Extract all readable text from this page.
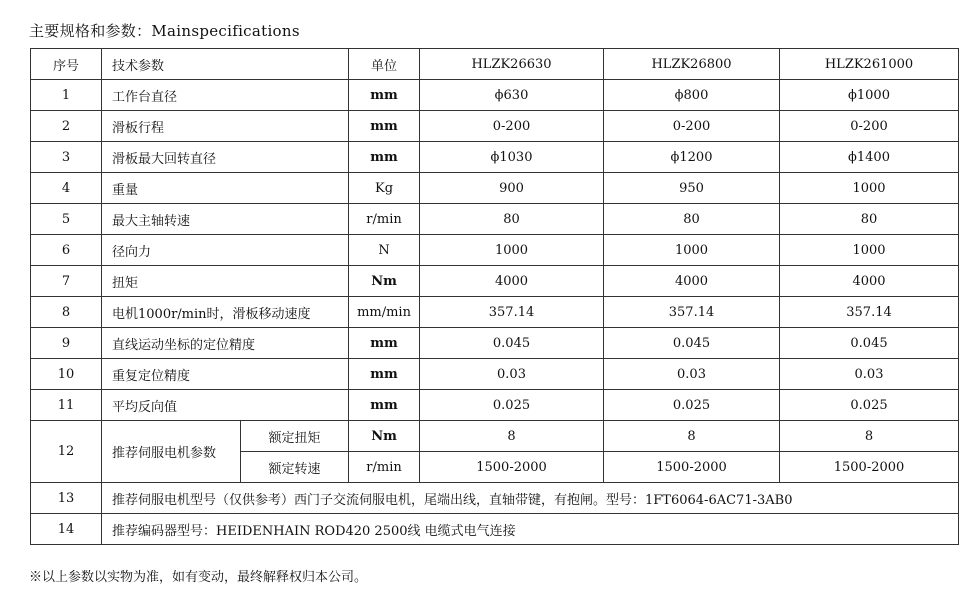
主要规格和参数：Mainspecifications
序号	技术参数		单位	HLZK26630	HLZK26800	HLZK261000
1	工作台直径		mm	ϕ630	ϕ800	ϕ1000
2	滑板行程		mm	0-200	0-200	0-200
3	滑板最大回转直径		mm	ϕ1030	ϕ1200	ϕ1400
4	重量		Kg	900	950	1000
5	最大主轴转速		r/min	80	80	80
6	径向力		N	1000	1000	1000
7	扭矩		Nm	4000	4000	4000
8	电机1000r/min时，滑板移动速度		mm/min	357.14	357.14	357.14
9	直线运动坐标的定位精度		mm	0.045	0.045	0.045
10	重复定位精度		mm	0.03	0.03	0.03
11	平均反向值		mm	0.025	0.025	0.025
12	推荐伺服电机参数	额定扭矩	Nm	8	8	8
		额定转速	r/min	1500-2000	1500-2000	1500-2000
13	推荐伺服电机型号（仅供参考）西门子交流伺服电机，尾端出线，直轴带键，有抱闸。型号：1FT6064-6AC71-3AB0					
14	推荐编码器型号：HEIDENHAIN ROD420 2500线 电缆式电气连接					
※以上参数以实物为准，如有变动，最终解释权归本公司。
